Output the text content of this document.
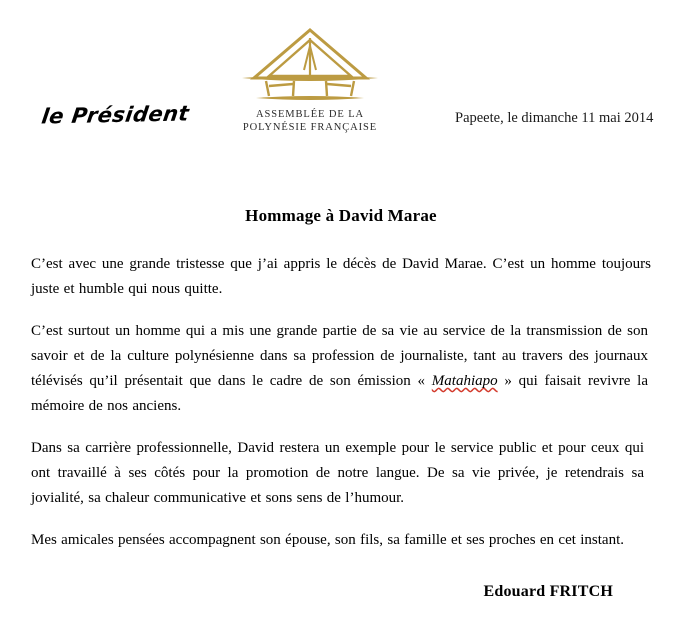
le Président	ASSEMBLÉE DE LA
POLYNÉSIE FRANÇAISE
Papeete, le dimanche 11 mai 2014
Hommage à David Marae

C’est avec une grande tristesse que j’ai appris le décès de David Marae. C’est un homme toujours juste et humble qui nous quitte.

C’est surtout un homme qui a mis une grande partie de sa vie au service de la transmission de son savoir et de la culture polynésienne dans sa profession de journaliste, tant au travers des journaux télévisés qu’il présentait que dans le cadre de son émission « Matahiapo » qui faisait revivre la mémoire de nos anciens.

Dans sa carrière professionnelle, David restera un exemple pour le service public et pour ceux qui ont travaillé à ses côtés pour la promotion de notre langue. De sa vie privée, je retendrais sa jovialité, sa chaleur communicative et sons sens de l’humour.

Mes amicales pensées accompagnent son épouse, son fils, sa famille et ses proches en cet instant.

Edouard FRITCH
